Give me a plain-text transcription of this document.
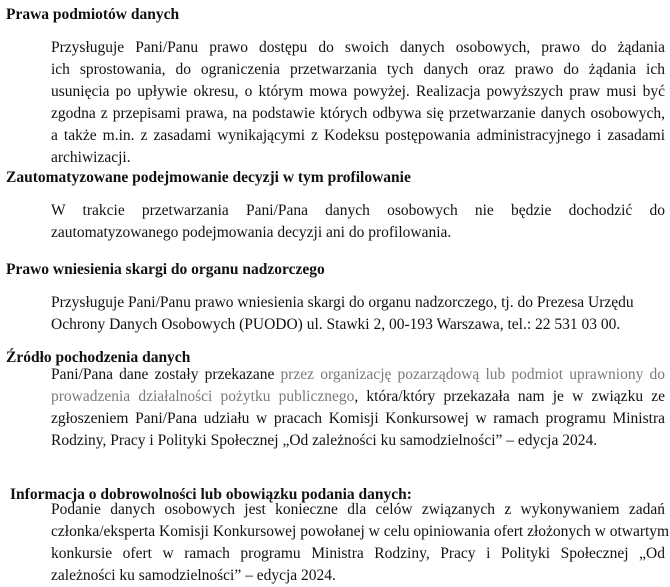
Prawa podmiotów danych
Przysługuje Pani/Panu prawo dostępu do swoich danych osobowych, prawo do żądania
ich sprostowania, do ograniczenia przetwarzania tych danych oraz prawo do żądania ich
usunięcia po upływie okresu, o którym mowa powyżej. Realizacja powyższych praw musi być
zgodna z przepisami prawa, na podstawie których odbywa się przetwarzanie danych osobowych,
a także m.in. z zasadami wynikającymi z Kodeksu postępowania administracyjnego i zasadami
archiwizacji.
Zautomatyzowane podejmowanie decyzji w tym profilowanie
W trakcie przetwarzania Pani/Pana danych osobowych nie będzie dochodzić do
zautomatyzowanego podejmowania decyzji ani do profilowania.
Prawo wniesienia skargi do organu nadzorczego
Przysługuje Pani/Panu prawo wniesienia skargi do organu nadzorczego, tj. do Prezesa Urzędu
Ochrony Danych Osobowych (PUODO) ul. Stawki 2, 00-193 Warszawa, tel.: 22 531 03 00.
Źródło pochodzenia danych
Pani/Pana dane zostały przekazane przez organizację pozarządową lub podmiot uprawniony do
prowadzenia działalności pożytku publicznego, która/który przekazała nam je w związku ze
zgłoszeniem Pani/Pana udziału w pracach Komisji Konkursowej w ramach programu Ministra
Rodziny, Pracy i Polityki Społecznej „Od zależności ku samodzielności” – edycja 2024.
Informacja o dobrowolności lub obowiązku podania danych:
Podanie danych osobowych jest konieczne dla celów związanych z wykonywaniem zadań
członka/eksperta Komisji Konkursowej powołanej w celu opiniowania ofert złożonych w otwartym
konkursie ofert w ramach programu Ministra Rodziny, Pracy i Polityki Społecznej „Od
zależności ku samodzielności” – edycja 2024.
